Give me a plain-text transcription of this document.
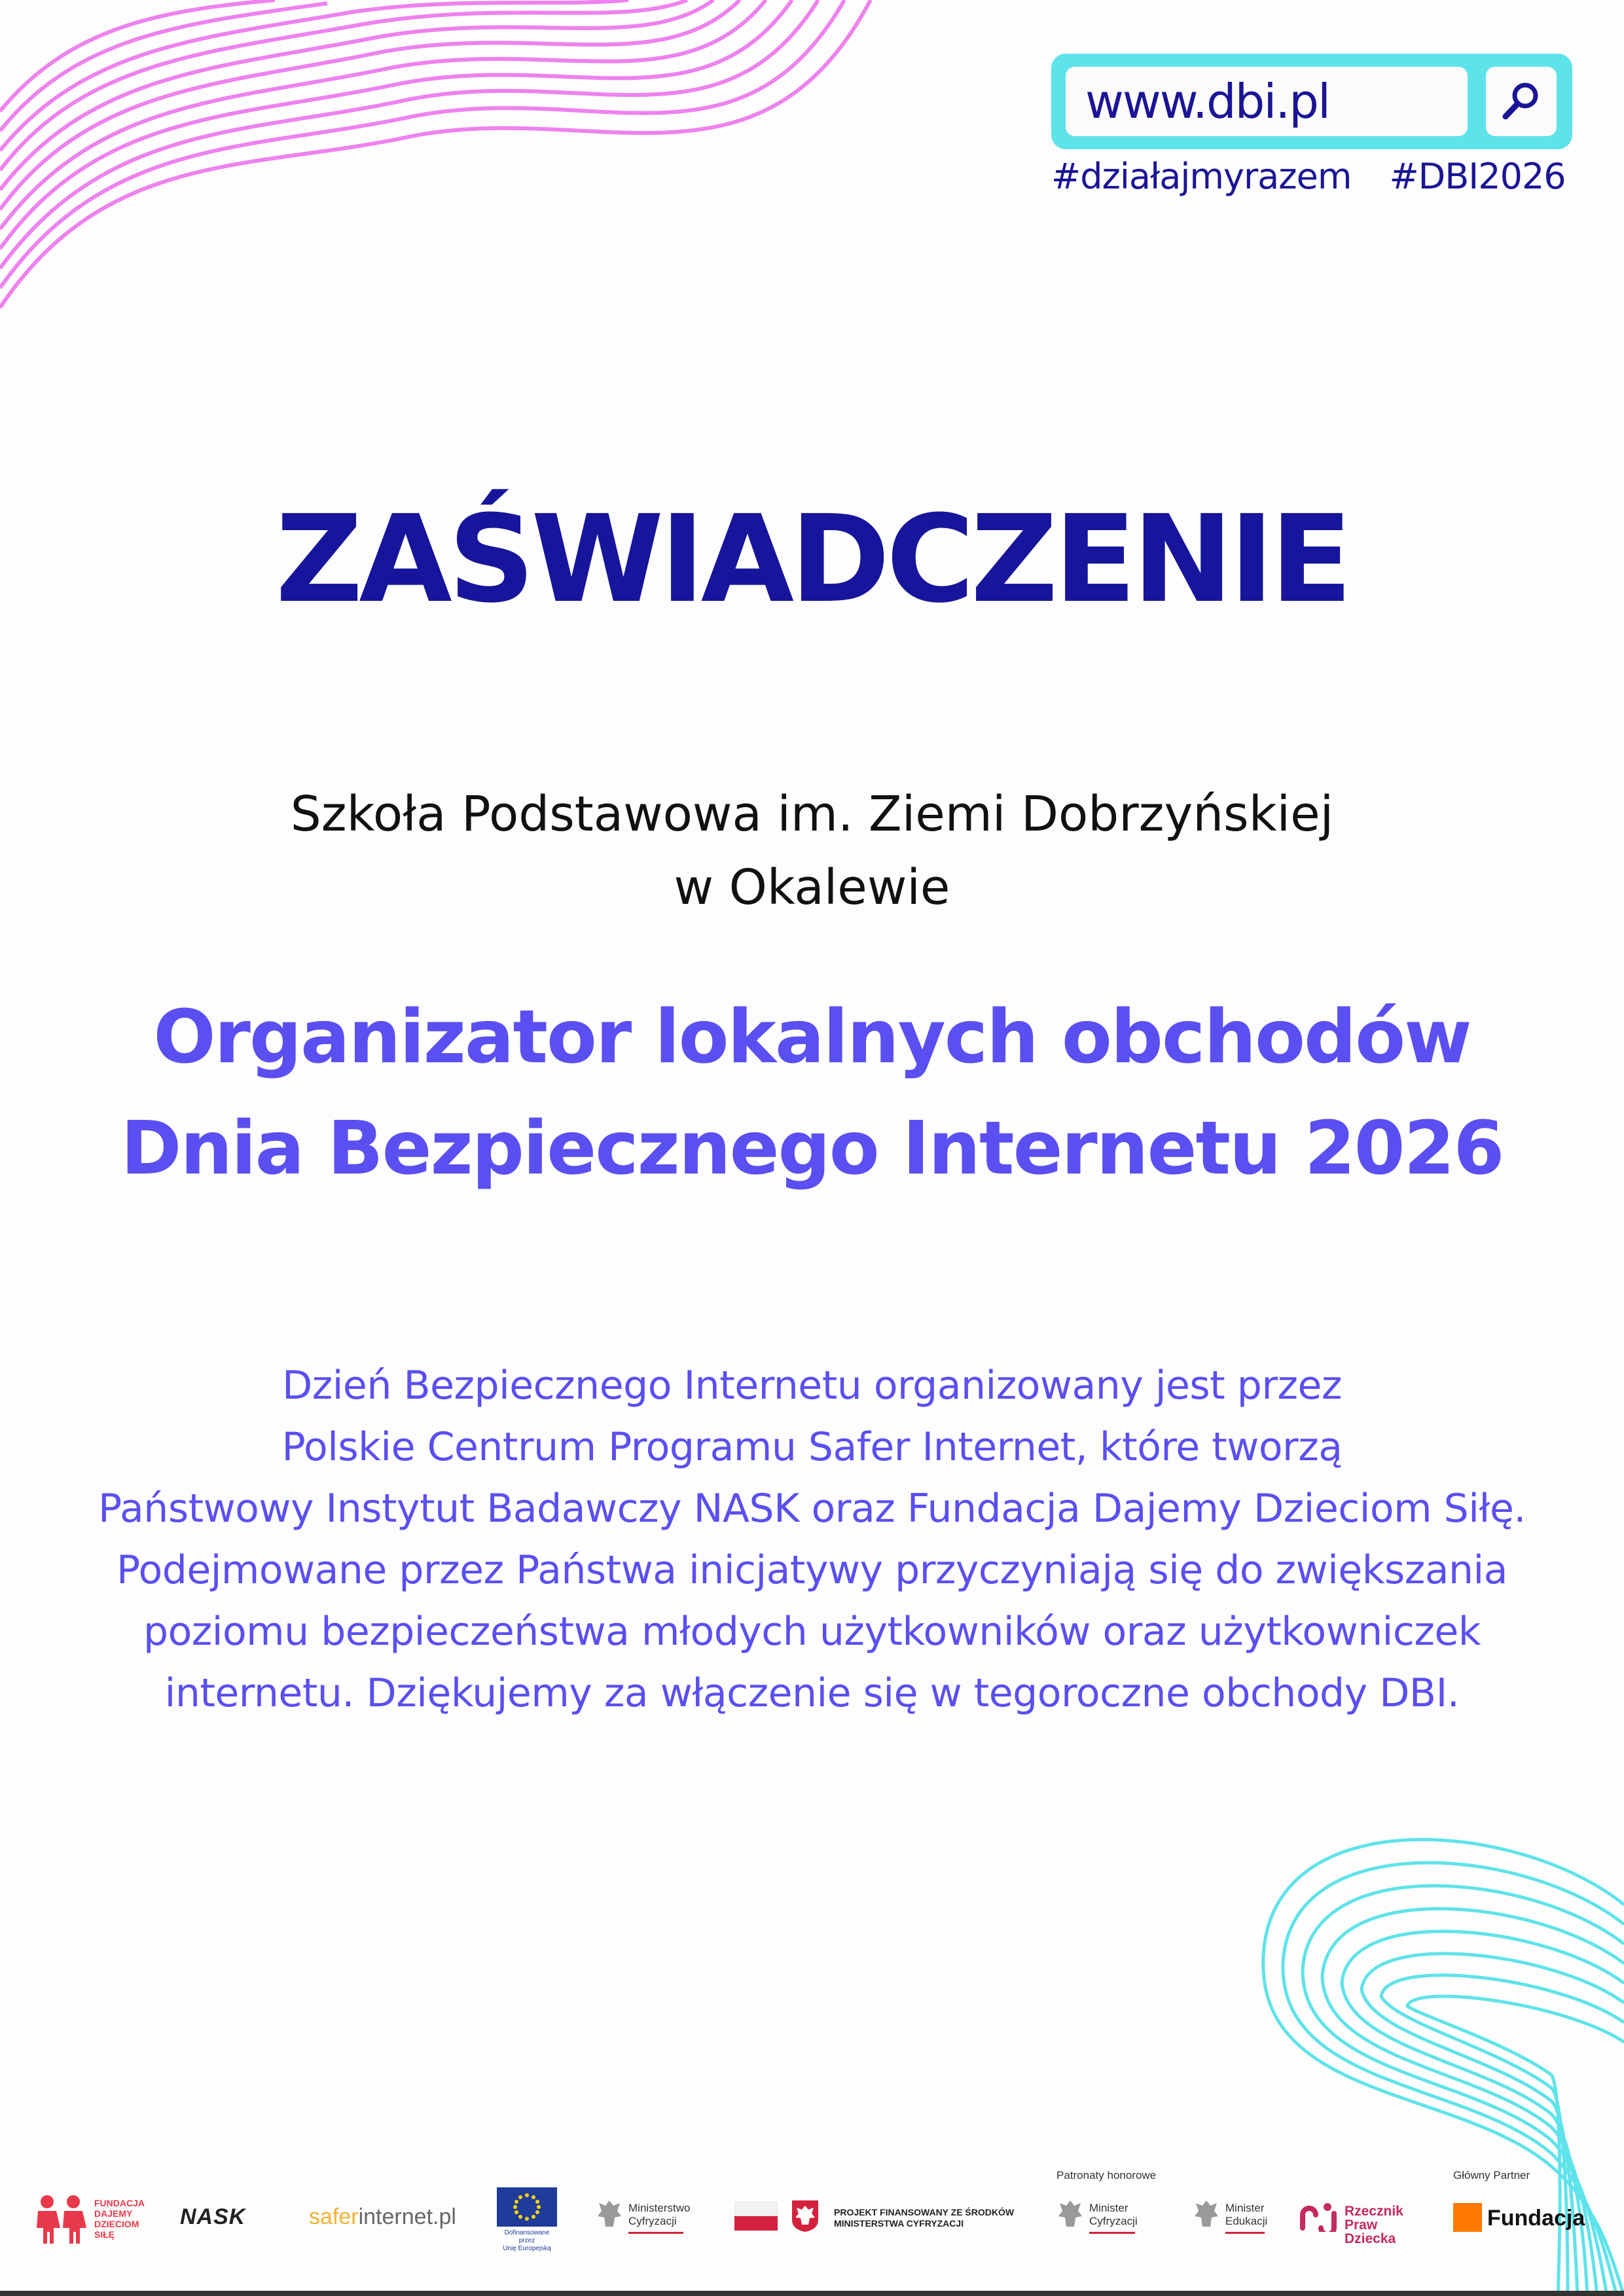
www.dbi.pl
#działajmyrazem #DBI2026
ZAŚWIADCZENIE
Szkoła Podstawowa im. Ziemi Dobrzyńskiej
w Okalewie
Organizator lokalnych obchodów
Dnia Bezpiecznego Internetu 2026
Dzień Bezpiecznego Internetu organizowany jest przez
Polskie Centrum Programu Safer Internet, które tworzą
Państwowy Instytut Badawczy NASK oraz Fundacja Dajemy Dzieciom Siłę.
Podejmowane przez Państwa inicjatywy przyczyniają się do zwiększania
poziomu bezpieczeństwa młodych użytkowników oraz użytkowniczek
internetu. Dziękujemy za włączenie się w tegoroczne obchody DBI.
FUNDACJA
DAJEMY
DZIECIOM
SIŁĘ
NASK	saferinternet.pl
Dofinansowane przez
Unię Europejską
Ministerstwo
Cyfryzacji
PROJEKT FINANSOWANY ZE ŚRODKÓW
MINISTERSTWA CYFRYZACJI
Patronaty honorowe
Minister
Cyfryzacji
Minister
Edukacji
Rzecznik
Praw Dziecka
Główny Partner
Fundacja
